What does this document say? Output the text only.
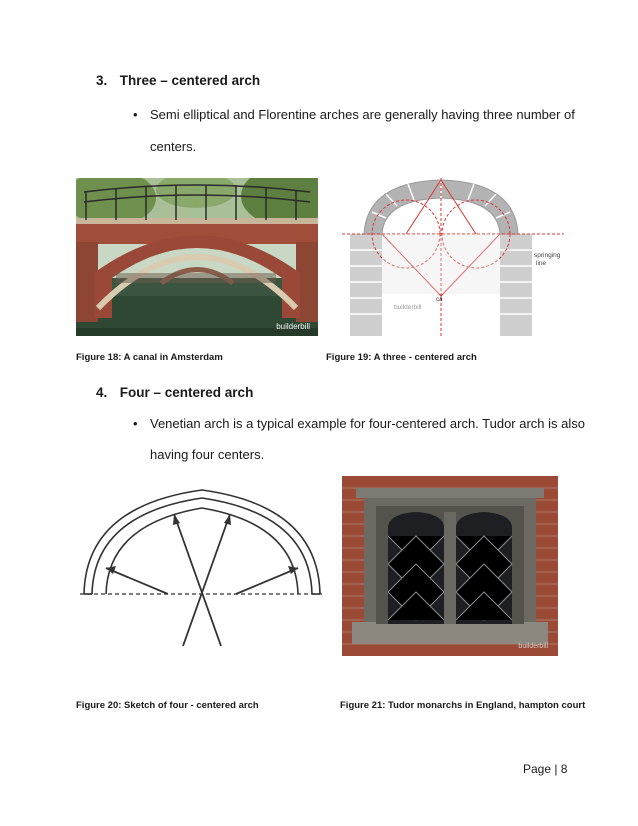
3. Three – centered arch
• Semi elliptical and Florentine arches are generally having three number of
centers.
builderbill
Figure 18: A canal in Amsterdam
springing
line
c/l
builderbill
Figure 19: A three - centered arch
4. Four – centered arch
• Venetian arch is a typical example for four-centered arch. Tudor arch is also
having four centers.
Figure 20: Sketch of four - centered arch
builderbill
Figure 21: Tudor monarchs in England, hampton court
Page | 8
